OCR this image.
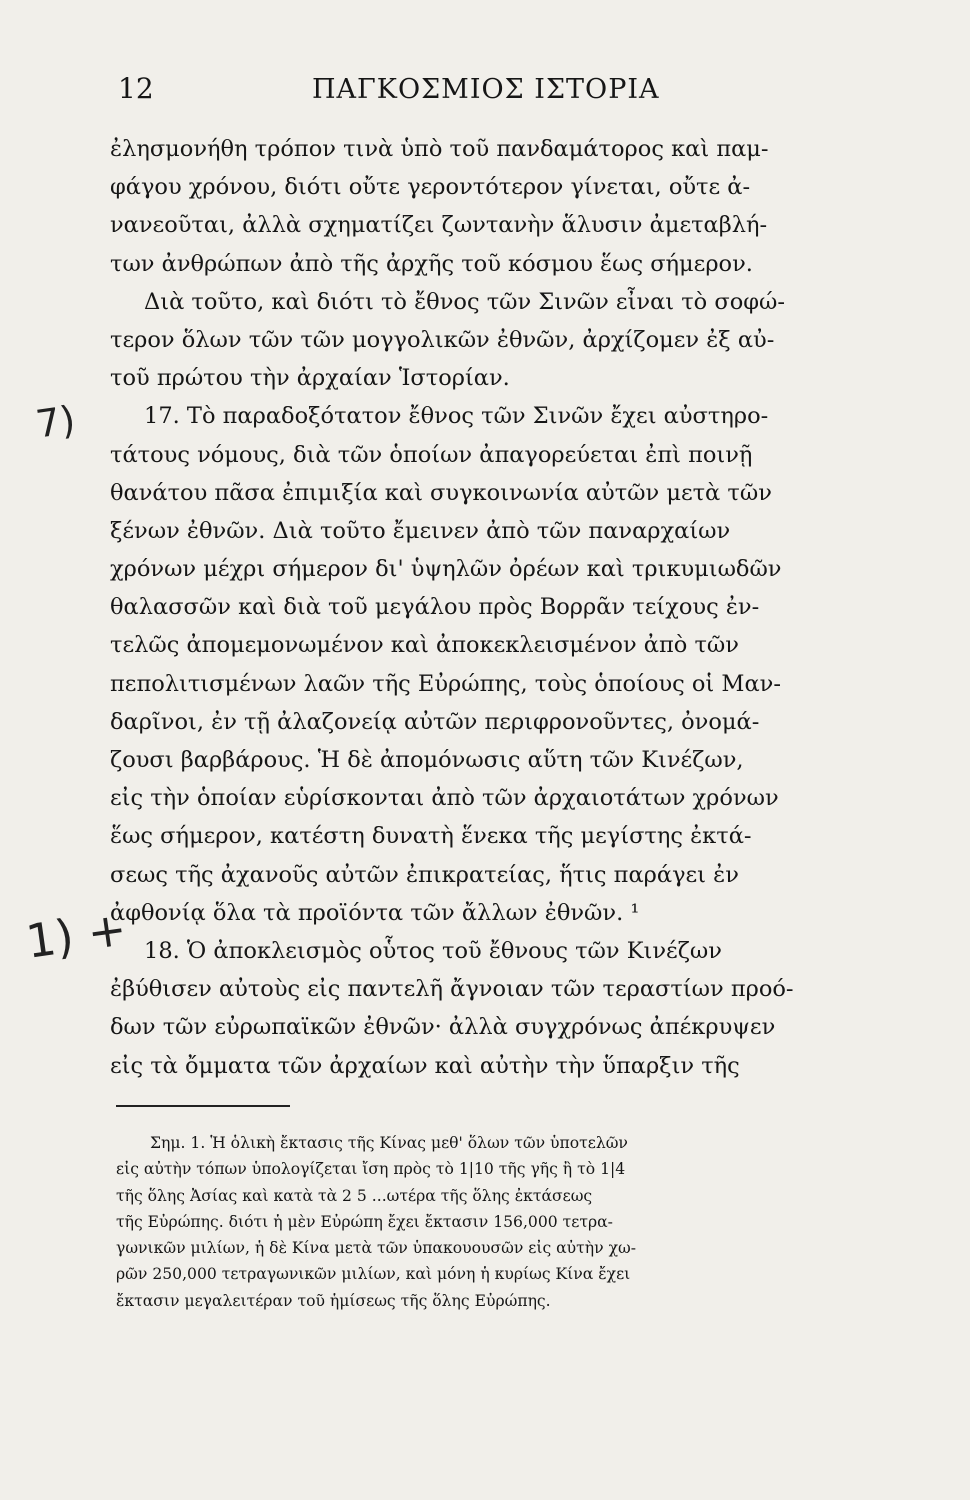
12	ΠΑΓΚΟΣΜΙΟΣ ΙΣΤΟΡΙΑ
7)
1) +
ἐλησμονήθη τρόπον τινὰ ὑπὸ τοῦ πανδαμάτορος καὶ παμ-
φάγου χρόνου, διότι οὔτε γεροντότερον γίνεται, οὔτε ἀ-
νανεοῦται, ἀλλὰ σχηματίζει ζωντανὴν ἅλυσιν ἀμεταβλή-
των ἀνθρώπων ἀπὸ τῆς ἀρχῆς τοῦ κόσμου ἕως σήμερον.
Διὰ τοῦτο, καὶ διότι τὸ ἔθνος τῶν Σινῶν εἶναι τὸ σοφώ-
τερον ὅλων τῶν τῶν μογγολικῶν ἐθνῶν, ἀρχίζομεν ἐξ αὐ-
τοῦ πρώτου τὴν ἀρχαίαν Ἱστορίαν.
17. Τὸ παραδοξότατον ἔθνος τῶν Σινῶν ἔχει αὐστηρο-
τάτους νόμους, διὰ τῶν ὁποίων ἀπαγορεύεται ἐπὶ ποινῇ
θανάτου πᾶσα ἐπιμιξία καὶ συγκοινωνία αὐτῶν μετὰ τῶν
ξένων ἐθνῶν. Διὰ τοῦτο ἔμεινεν ἀπὸ τῶν παναρχαίων
χρόνων μέχρι σήμερον δι' ὑψηλῶν ὀρέων καὶ τρικυμιωδῶν
θαλασσῶν καὶ διὰ τοῦ μεγάλου πρὸς Βορρᾶν τείχους ἐν-
τελῶς ἀπομεμονωμένον καὶ ἀποκεκλεισμένον ἀπὸ τῶν
πεπολιτισμένων λαῶν τῆς Εὐρώπης, τοὺς ὁποίους οἱ Μαν-
δαρῖνοι, ἐν τῇ ἀλαζονείᾳ αὐτῶν περιφρονοῦντες, ὀνομά-
ζουσι βαρβάρους. Ἡ δὲ ἀπομόνωσις αὕτη τῶν Κινέζων,
εἰς τὴν ὁποίαν εὑρίσκονται ἀπὸ τῶν ἀρχαιοτάτων χρόνων
ἕως σήμερον, κατέστη δυνατὴ ἕνεκα τῆς μεγίστης ἐκτά-
σεως τῆς ἀχανοῦς αὐτῶν ἐπικρατείας, ἥτις παράγει ἐν
ἀφθονίᾳ ὅλα τὰ προϊόντα τῶν ἄλλων ἐθνῶν. ¹
18. Ὁ ἀποκλεισμὸς οὗτος τοῦ ἔθνους τῶν Κινέζων
ἐβύθισεν αὐτοὺς εἰς παντελῆ ἄγνοιαν τῶν τεραστίων προό-
δων τῶν εὐρωπαϊκῶν ἐθνῶν· ἀλλὰ συγχρόνως ἀπέκρυψεν
εἰς τὰ ὄμματα τῶν ἀρχαίων καὶ αὐτὴν τὴν ὕπαρξιν τῆς
Σημ. 1. Ἡ ὁλικὴ ἔκτασις τῆς Κίνας μεθ' ὅλων τῶν ὑποτελῶν
εἰς αὐτὴν τόπων ὑπολογίζεται ἴση πρὸς τὸ 1|10 τῆς γῆς ἢ τὸ 1|4
τῆς ὅλης Ἀσίας καὶ κατὰ τὰ 2 5 ...ωτέρα τῆς ὅλης ἐκτάσεως
τῆς Εὐρώπης. διότι ἡ μὲν Εὐρώπη ἔχει ἔκτασιν 156,000 τετρα-
γωνικῶν μιλίων, ἡ δὲ Κίνα μετὰ τῶν ὑπακουουσῶν εἰς αὐτὴν χω-
ρῶν 250,000 τετραγωνικῶν μιλίων, καὶ μόνη ἡ κυρίως Κίνα ἔχει
ἔκτασιν μεγαλειτέραν τοῦ ἡμίσεως τῆς ὅλης Εὐρώπης.
